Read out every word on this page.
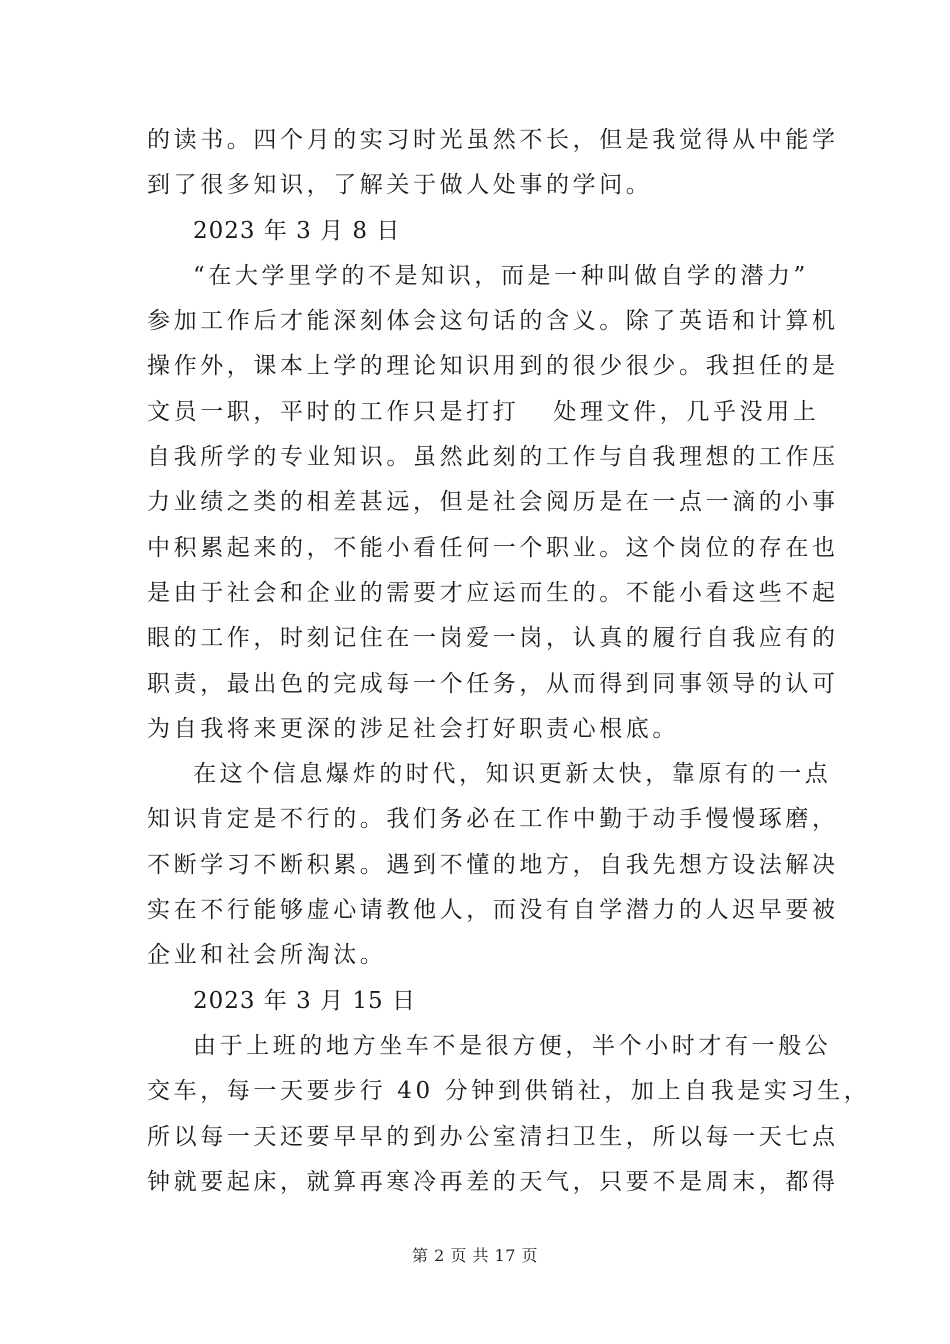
的读书。四个月的实习时光虽然不长，但是我觉得从中能学
到了很多知识，了解关于做人处事的学问。
2023 年 3 月 8 日
“在大学里学的不是知识，而是一种叫做自学的潜力”
参加工作后才能深刻体会这句话的含义。除了英语和计算机
操作外，课本上学的理论知识用到的很少很少。我担任的是
文员一职，平时的工作只是打打 处理文件，几乎没用上
自我所学的专业知识。虽然此刻的工作与自我理想的工作压
力业绩之类的相差甚远，但是社会阅历是在一点一滴的小事
中积累起来的，不能小看任何一个职业。这个岗位的存在也
是由于社会和企业的需要才应运而生的。不能小看这些不起
眼的工作，时刻记住在一岗爱一岗，认真的履行自我应有的
职责，最出色的完成每一个任务，从而得到同事领导的认可
为自我将来更深的涉足社会打好职责心根底。
在这个信息爆炸的时代，知识更新太快，靠原有的一点
知识肯定是不行的。我们务必在工作中勤于动手慢慢琢磨，
不断学习不断积累。遇到不懂的地方，自我先想方设法解决
实在不行能够虚心请教他人，而没有自学潜力的人迟早要被
企业和社会所淘汰。
2023 年 3 月 15 日
由于上班的地方坐车不是很方便，半个小时才有一般公
交车，每一天要步行 40 分钟到供销社，加上自我是实习生，
所以每一天还要早早的到办公室清扫卫生，所以每一天七点
钟就要起床，就算再寒冷再差的天气，只要不是周末，都得
第 2 页 共 17 页
